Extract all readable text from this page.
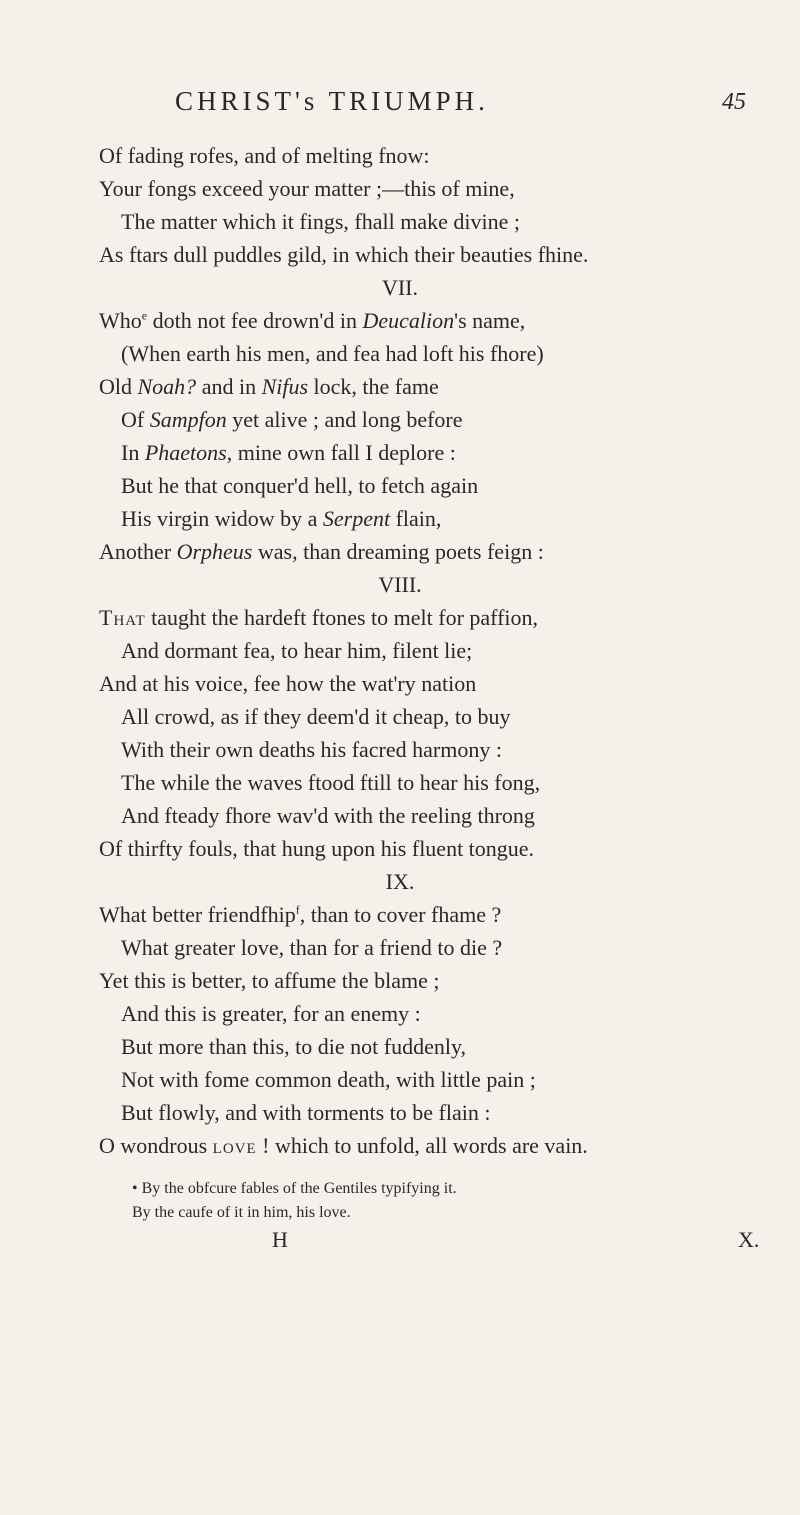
CHRIST's TRIUMPH.	45
Of fading rofes, and of melting fnow:
Your fongs exceed your matter ;—this of mine,
The matter which it fings, fhall make divine ;
As ftars dull puddles gild, in which their beauties fhine.
VII.
Who$^e$ doth not fee drown'd in Deucalion's name,
(When earth his men, and fea had loft his fhore)
Old Noah? and in Nifus lock, the fame
Of Sampfon yet alive ; and long before
In Phaetons, mine own fall I deplore :
But he that conquer'd hell, to fetch again
His virgin widow by a Serpent flain,
Another Orpheus was, than dreaming poets feign :
VIII.
That taught the hardeft ftones to melt for paffion,
And dormant fea, to hear him, filent lie;
And at his voice, fee how the wat'ry nation
All crowd, as if they deem'd it cheap, to buy
With their own deaths his facred harmony :
The while the waves ftood ftill to hear his fong,
And fteady fhore wav'd with the reeling throng
Of thirfty fouls, that hung upon his fluent tongue.
IX.
What better friendfhip$^f$, than to cover fhame ?
What greater love, than for a friend to die ?
Yet this is better, to affume the blame ;
And this is greater, for an enemy :
But more than this, to die not fuddenly,
Not with fome common death, with little pain ;
But flowly, and with torments to be flain :
O wondrous love ! which to unfold, all words are vain.
• By the obfcure fables of the Gentiles typifying it.
By the caufe of it in him, his love.
H	X.
